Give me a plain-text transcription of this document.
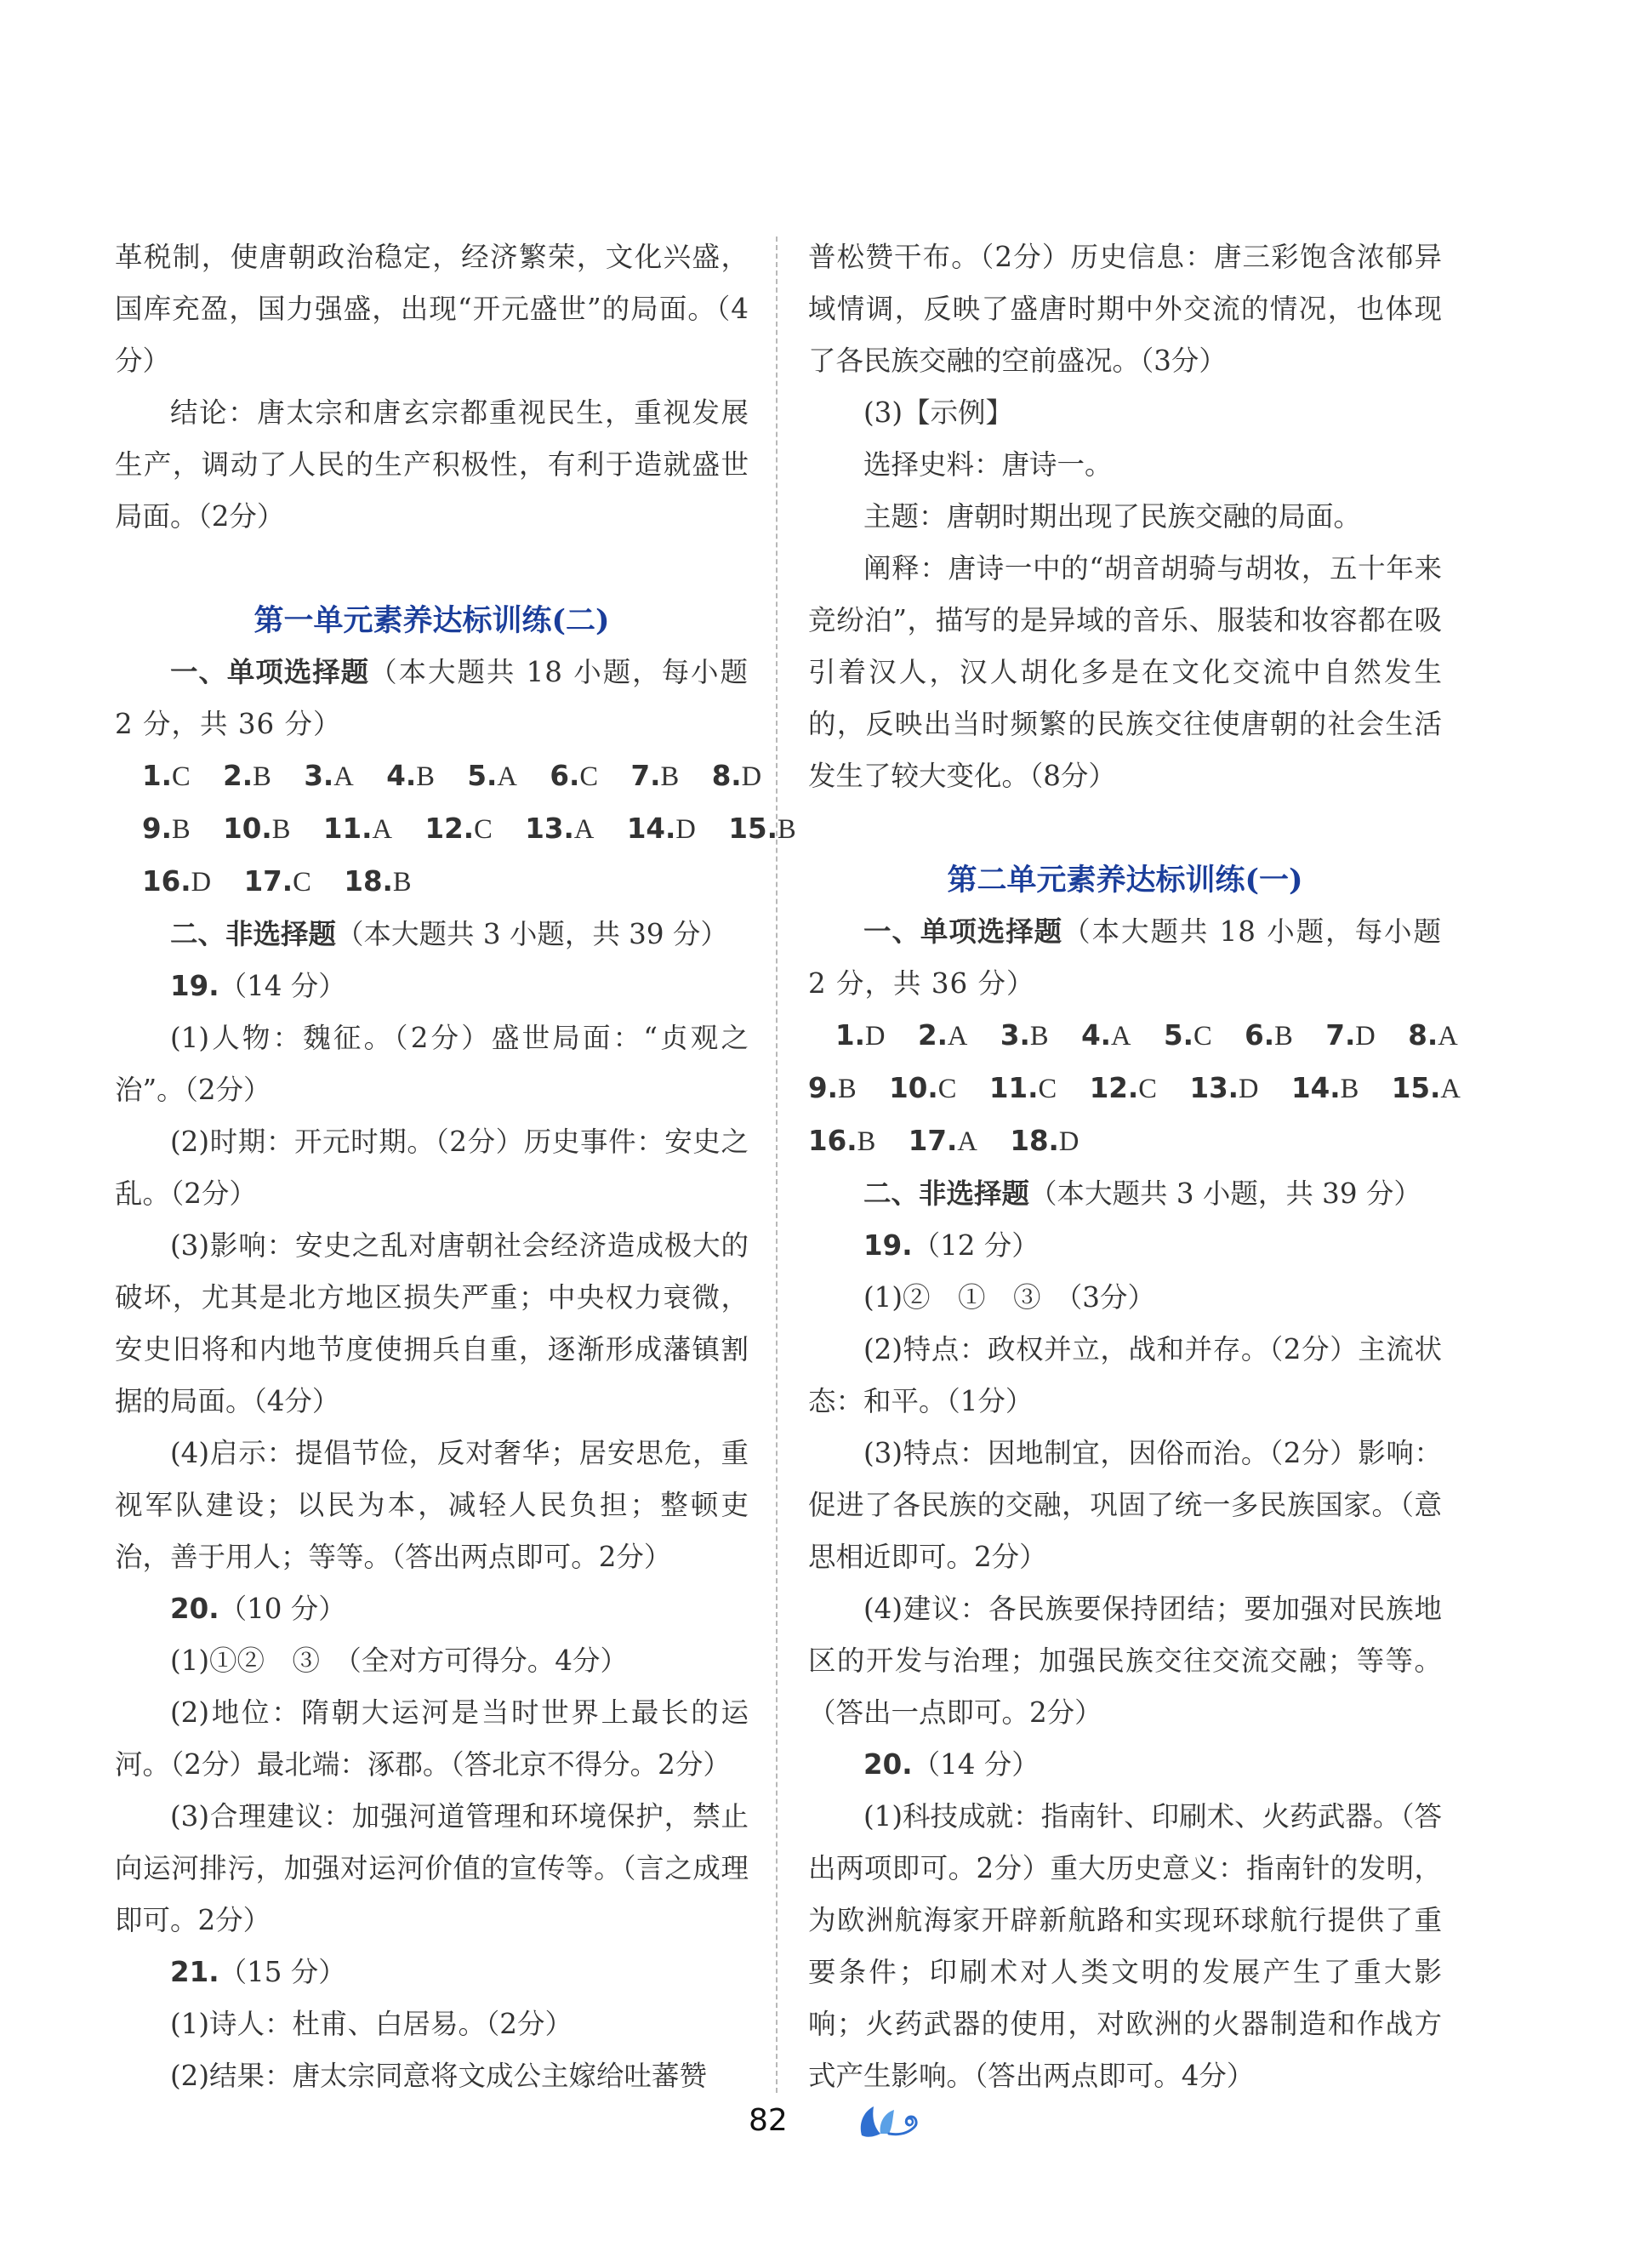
革税制，使唐朝政治稳定，经济繁荣，文化兴盛，国库充盈，国力强盛，出现“开元盛世”的局面。（4分）

结论：唐太宗和唐玄宗都重视民生，重视发展生产，调动了人民的生产积极性，有利于造就盛世局面。（2分）

第一单元素养达标训练(二)

一、单项选择题（本大题共 18 小题，每小题 2 分，共 36 分）

1.C  2.B  3.A  4.B  5.A  6.C  7.B  8.D 
9.B  10.B  11.A  12.C  13.A  14.D  15.B 
16.D  17.C  18.B 

二、非选择题（本大题共 3 小题，共 39 分）

19.（14 分）

(1)人物：魏征。（2分）盛世局面：“贞观之治”。（2分）

(2)时期：开元时期。（2分）历史事件：安史之乱。（2分）

(3)影响：安史之乱对唐朝社会经济造成极大的破坏，尤其是北方地区损失严重；中央权力衰微，安史旧将和内地节度使拥兵自重，逐渐形成藩镇割据的局面。（4分）

(4)启示：提倡节俭，反对奢华；居安思危，重视军队建设；以民为本，减轻人民负担；整顿吏治，善于用人；等等。（答出两点即可。2分）

20.（10 分）

(1)①②　③　（全对方可得分。4分）

(2)地位：隋朝大运河是当时世界上最长的运河。（2分）最北端：涿郡。（答北京不得分。2分）

(3)合理建议：加强河道管理和环境保护，禁止向运河排污，加强对运河价值的宣传等。（言之成理即可。2分）

21.（15 分）

(1)诗人：杜甫、白居易。（2分）

(2)结果：唐太宗同意将文成公主嫁给吐蕃赞

普松赞干布。（2分）历史信息：唐三彩饱含浓郁异域情调，反映了盛唐时期中外交流的情况，也体现了各民族交融的空前盛况。（3分）

(3)【示例】

选择史料：唐诗一。

主题：唐朝时期出现了民族交融的局面。

阐释：唐诗一中的“胡音胡骑与胡妆，五十年来竞纷泊”，描写的是异域的音乐、服装和妆容都在吸引着汉人，汉人胡化多是在文化交流中自然发生的，反映出当时频繁的民族交往使唐朝的社会生活发生了较大变化。（8分）

第二单元素养达标训练(一)

一、单项选择题（本大题共 18 小题，每小题 2 分，共 36 分）

1.D  2.A  3.B  4.A  5.C  6.B  7.D  8.A 
9.B  10.C  11.C  12.C  13.D  14.B  15.A 
16.B  17.A  18.D 

二、非选择题（本大题共 3 小题，共 39 分）

19.（12 分）

(1)②　①　③　（3分）

(2)特点：政权并立，战和并存。（2分）主流状态：和平。（1分）

(3)特点：因地制宜，因俗而治。（2分）影响：促进了各民族的交融，巩固了统一多民族国家。（意思相近即可。2分）

(4)建议：各民族要保持团结；要加强对民族地区的开发与治理；加强民族交往交流交融；等等。（答出一点即可。2分）

20.（14 分）

(1)科技成就：指南针、印刷术、火药武器。（答出两项即可。2分）重大历史意义：指南针的发明，为欧洲航海家开辟新航路和实现环球航行提供了重要条件；印刷术对人类文明的发展产生了重大影响；火药武器的使用，对欧洲的火器制造和作战方式产生影响。（答出两点即可。4分）

82
